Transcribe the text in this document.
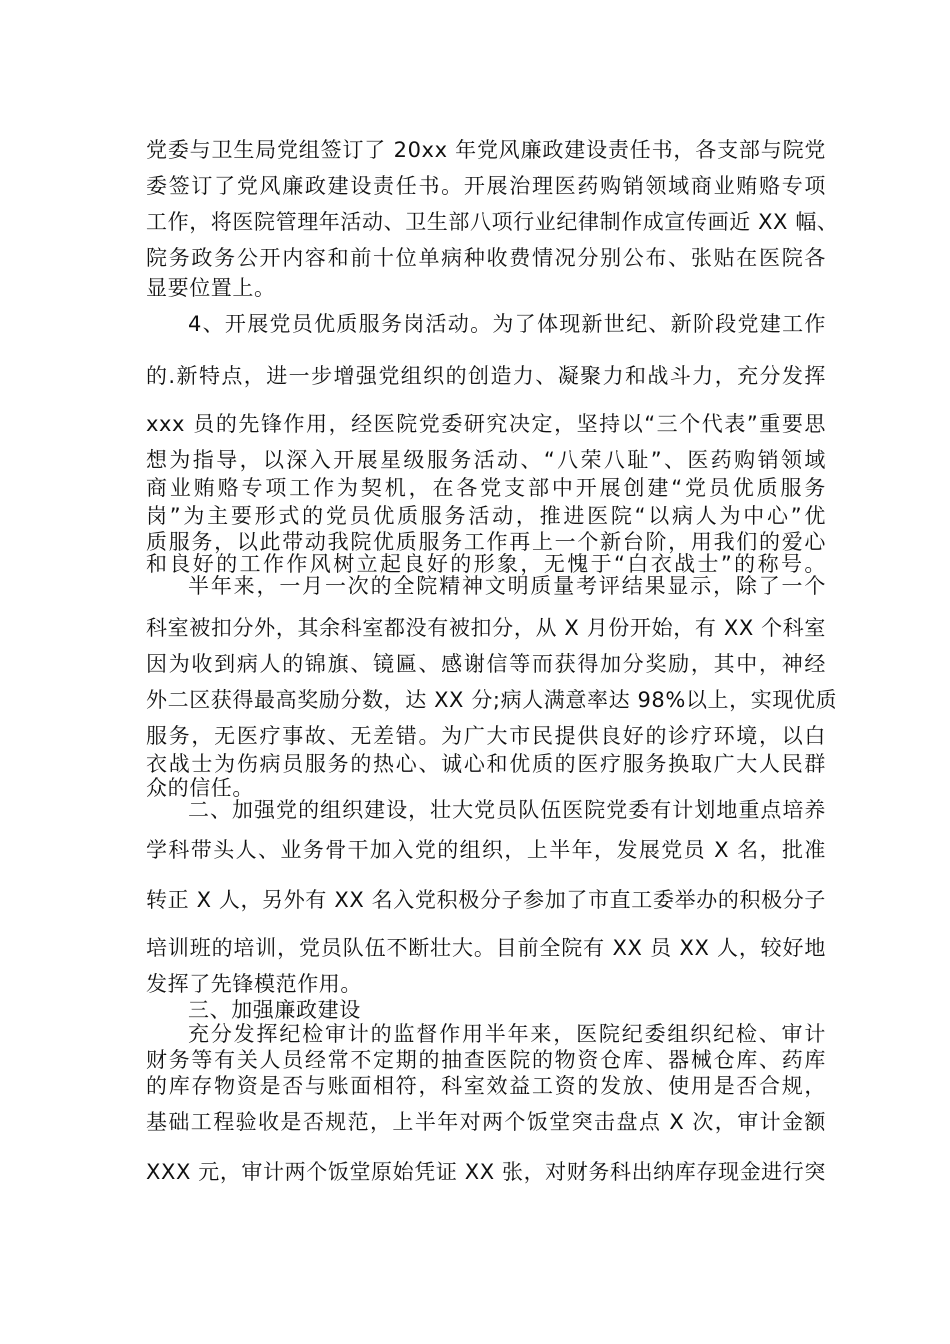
党委与卫生局党组签订了 20xx 年党风廉政建设责任书，各支部与院党
委签订了党风廉政建设责任书。开展治理医药购销领域商业贿赂专项
工作，将医院管理年活动、卫生部八项行业纪律制作成宣传画近 XX 幅、
院务政务公开内容和前十位单病种收费情况分别公布、张贴在医院各
显要位置上。
4、开展党员优质服务岗活动。为了体现新世纪、新阶段党建工作
的.新特点，进一步增强党组织的创造力、凝聚力和战斗力，充分发挥
xxx 员的先锋作用，经医院党委研究决定，坚持以“三个代表”重要思
想为指导，以深入开展星级服务活动、“八荣八耻”、医药购销领域
商业贿赂专项工作为契机，在各党支部中开展创建“党员优质服务
岗”为主要形式的党员优质服务活动，推进医院“以病人为中心”优
质服务，以此带动我院优质服务工作再上一个新台阶，用我们的爱心
和良好的工作作风树立起良好的形象，无愧于“白衣战士”的称号。
半年来，一月一次的全院精神文明质量考评结果显示，除了一个
科室被扣分外，其余科室都没有被扣分，从 X 月份开始，有 XX 个科室
因为收到病人的锦旗、镜匾、感谢信等而获得加分奖励，其中，神经
外二区获得最高奖励分数，达 XX 分;病人满意率达 98%以上，实现优质
服务，无医疗事故、无差错。为广大市民提供良好的诊疗环境，以白
衣战士为伤病员服务的热心、诚心和优质的医疗服务换取广大人民群
众的信任。
二、加强党的组织建设，壮大党员队伍医院党委有计划地重点培养
学科带头人、业务骨干加入党的组织，上半年，发展党员 X 名，批准
转正 X 人，另外有 XX 名入党积极分子参加了市直工委举办的积极分子
培训班的培训，党员队伍不断壮大。目前全院有 XX 员 XX 人，较好地
发挥了先锋模范作用。
三、加强廉政建设
充分发挥纪检审计的监督作用半年来，医院纪委组织纪检、审计
财务等有关人员经常不定期的抽查医院的物资仓库、器械仓库、药库
的库存物资是否与账面相符，科室效益工资的发放、使用是否合规，
基础工程验收是否规范，上半年对两个饭堂突击盘点 X 次，审计金额
XXX 元，审计两个饭堂原始凭证 XX 张，对财务科出纳库存现金进行突
